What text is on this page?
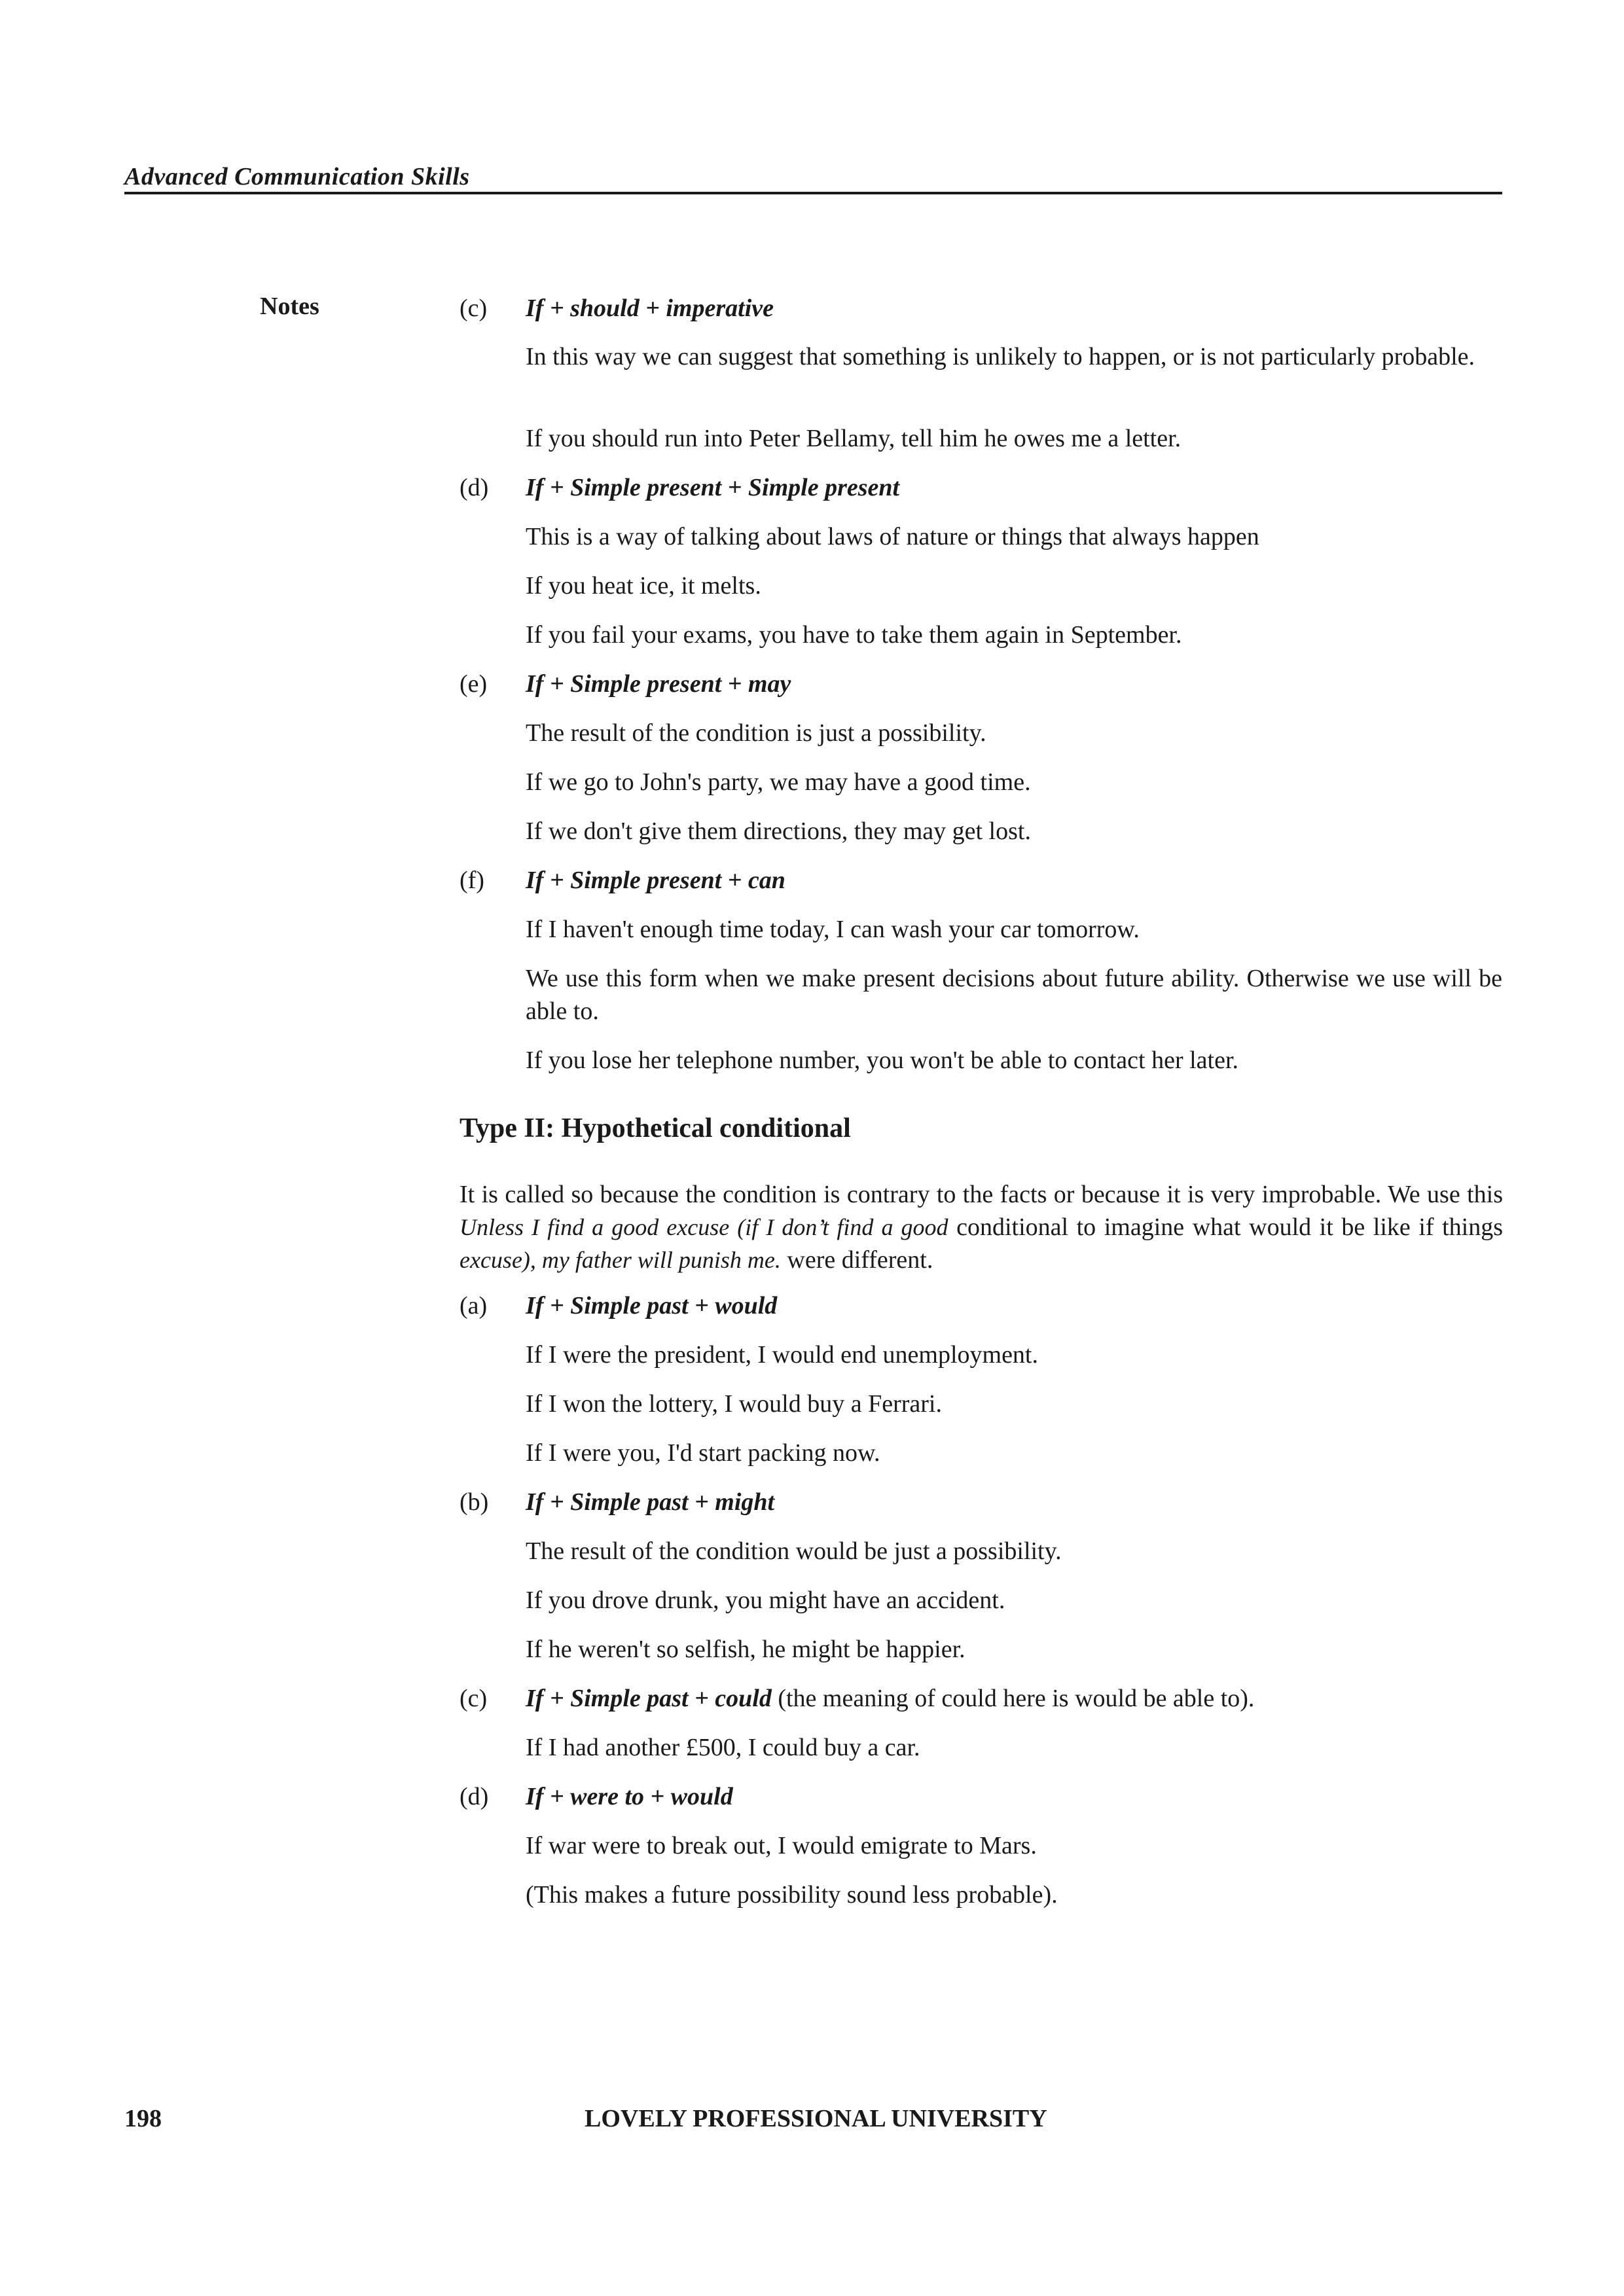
Advanced Communication Skills
Notes	(c) If + should + imperative
In this way we can suggest that something is unlikely to happen, or is not particularly probable.
If you should run into Peter Bellamy, tell him he owes me a letter.
(d) If + Simple present + Simple present
This is a way of talking about laws of nature or things that always happen
If you heat ice, it melts.
If you fail your exams, you have to take them again in September.
(e) If + Simple present + may
The result of the condition is just a possibility.
If we go to John's party, we may have a good time.
If we don't give them directions, they may get lost.
(f) If + Simple present + can
If I haven't enough time today, I can wash your car tomorrow.
We use this form when we make present decisions about future ability. Otherwise we use will be able to.
If you lose her telephone number, you won't be able to contact her later.
Type II: Hypothetical conditional
It is called so because the condition is contrary to the facts or because it is very improbable. We use this Unless I find a good excuse (if I don’t find a good conditional to imagine what would it be like if things excuse), my father will punish me. were different.
(a) If + Simple past + would
If I were the president, I would end unemployment.
If I won the lottery, I would buy a Ferrari.
If I were you, I'd start packing now.
(b) If + Simple past + might
The result of the condition would be just a possibility.
If you drove drunk, you might have an accident.
If he weren't so selfish, he might be happier.
(c) If + Simple past + could (the meaning of could here is would be able to).
If I had another £500, I could buy a car.
(d) If + were to + would
If war were to break out, I would emigrate to Mars.
(This makes a future possibility sound less probable).
198	LOVELY PROFESSIONAL UNIVERSITY
